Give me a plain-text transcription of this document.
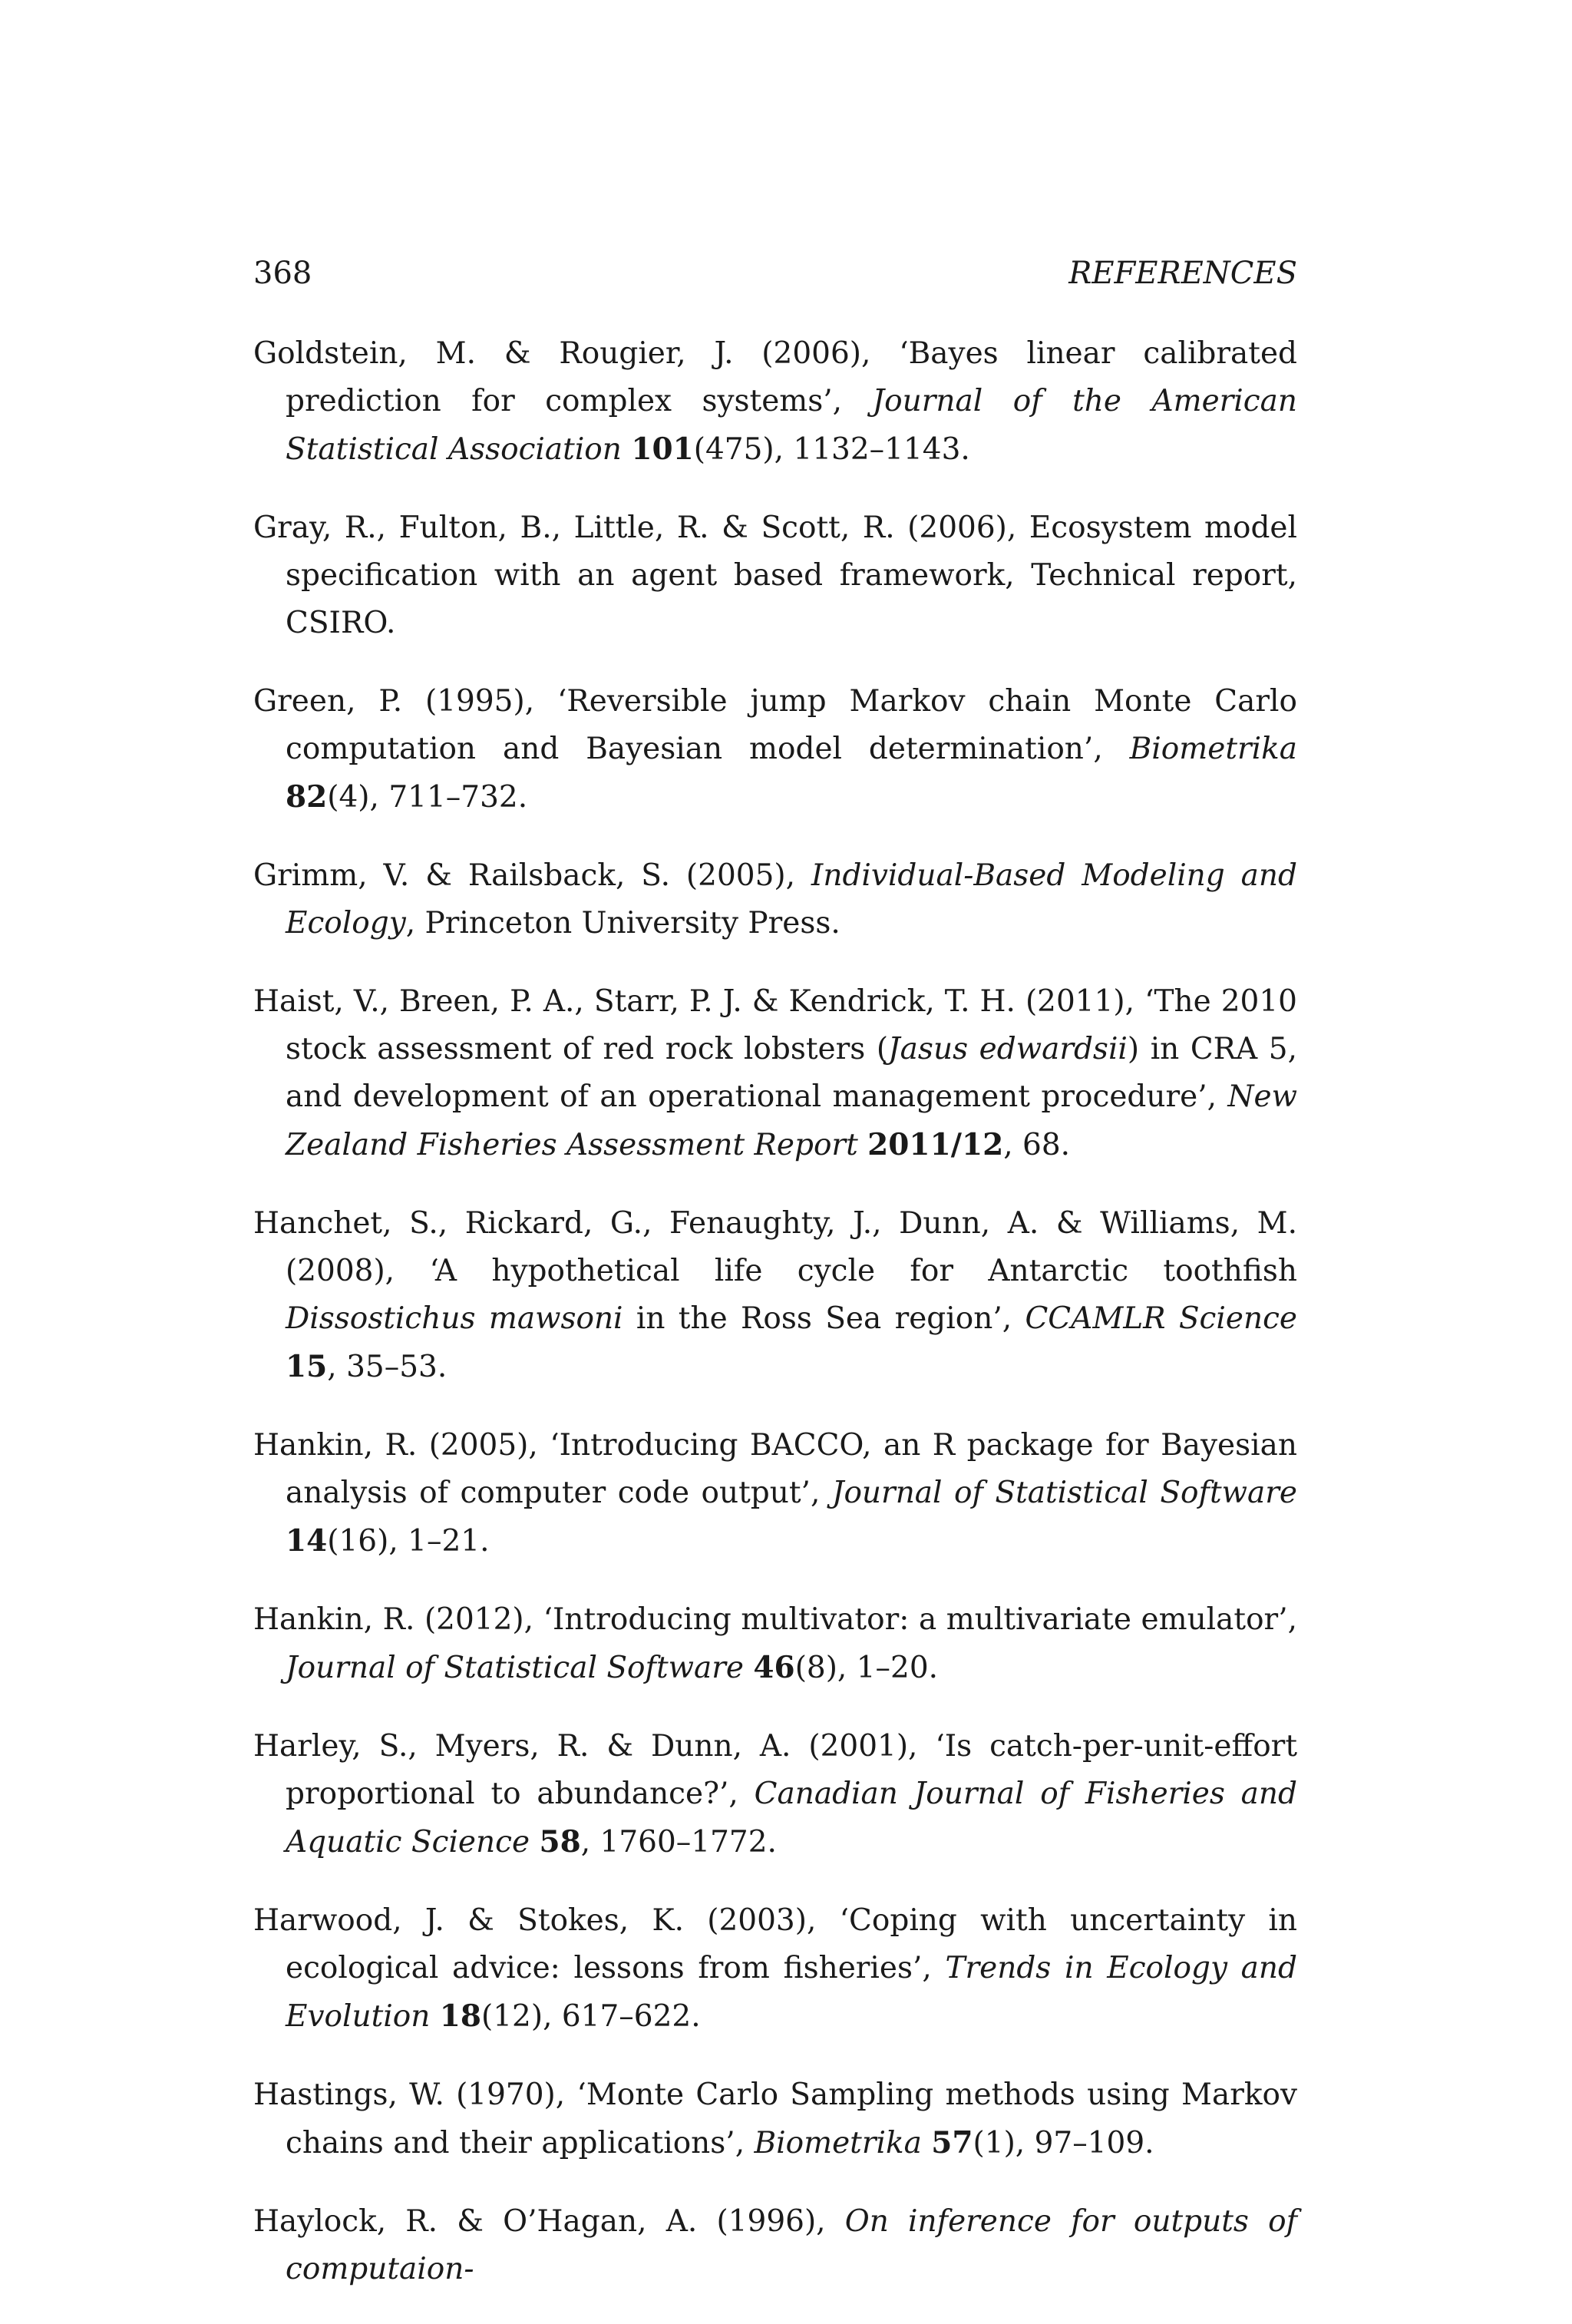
368	REFERENCES
Goldstein, M. & Rougier, J. (2006), ‘Bayes linear calibrated prediction for complex systems’, Journal of the American Statistical Association 101(475), 1132–1143.
Gray, R., Fulton, B., Little, R. & Scott, R. (2006), Ecosystem model specification with an agent based framework, Technical report, CSIRO.
Green, P. (1995), ‘Reversible jump Markov chain Monte Carlo computation and Bayesian model determination’, Biometrika 82(4), 711–732.
Grimm, V. & Railsback, S. (2005), Individual-Based Modeling and Ecology, Princeton University Press.
Haist, V., Breen, P. A., Starr, P. J. & Kendrick, T. H. (2011), ‘The 2010 stock assessment of red rock lobsters (Jasus edwardsii) in CRA 5, and development of an operational management procedure’, New Zealand Fisheries Assessment Report 2011/12, 68.
Hanchet, S., Rickard, G., Fenaughty, J., Dunn, A. & Williams, M. (2008), ‘A hypothetical life cycle for Antarctic toothfish Dissostichus mawsoni in the Ross Sea region’, CCAMLR Science 15, 35–53.
Hankin, R. (2005), ‘Introducing BACCO, an R package for Bayesian analysis of computer code output’, Journal of Statistical Software 14(16), 1–21.
Hankin, R. (2012), ‘Introducing multivator: a multivariate emulator’, Journal of Statistical Software 46(8), 1–20.
Harley, S., Myers, R. & Dunn, A. (2001), ‘Is catch-per-unit-effort proportional to abundance?’, Canadian Journal of Fisheries and Aquatic Science 58, 1760–1772.
Harwood, J. & Stokes, K. (2003), ‘Coping with uncertainty in ecological advice: lessons from fisheries’, Trends in Ecology and Evolution 18(12), 617–622.
Hastings, W. (1970), ‘Monte Carlo Sampling methods using Markov chains and their applications’, Biometrika 57(1), 97–109.
Haylock, R. & O’Hagan, A. (1996), On inference for outputs of computaion-
